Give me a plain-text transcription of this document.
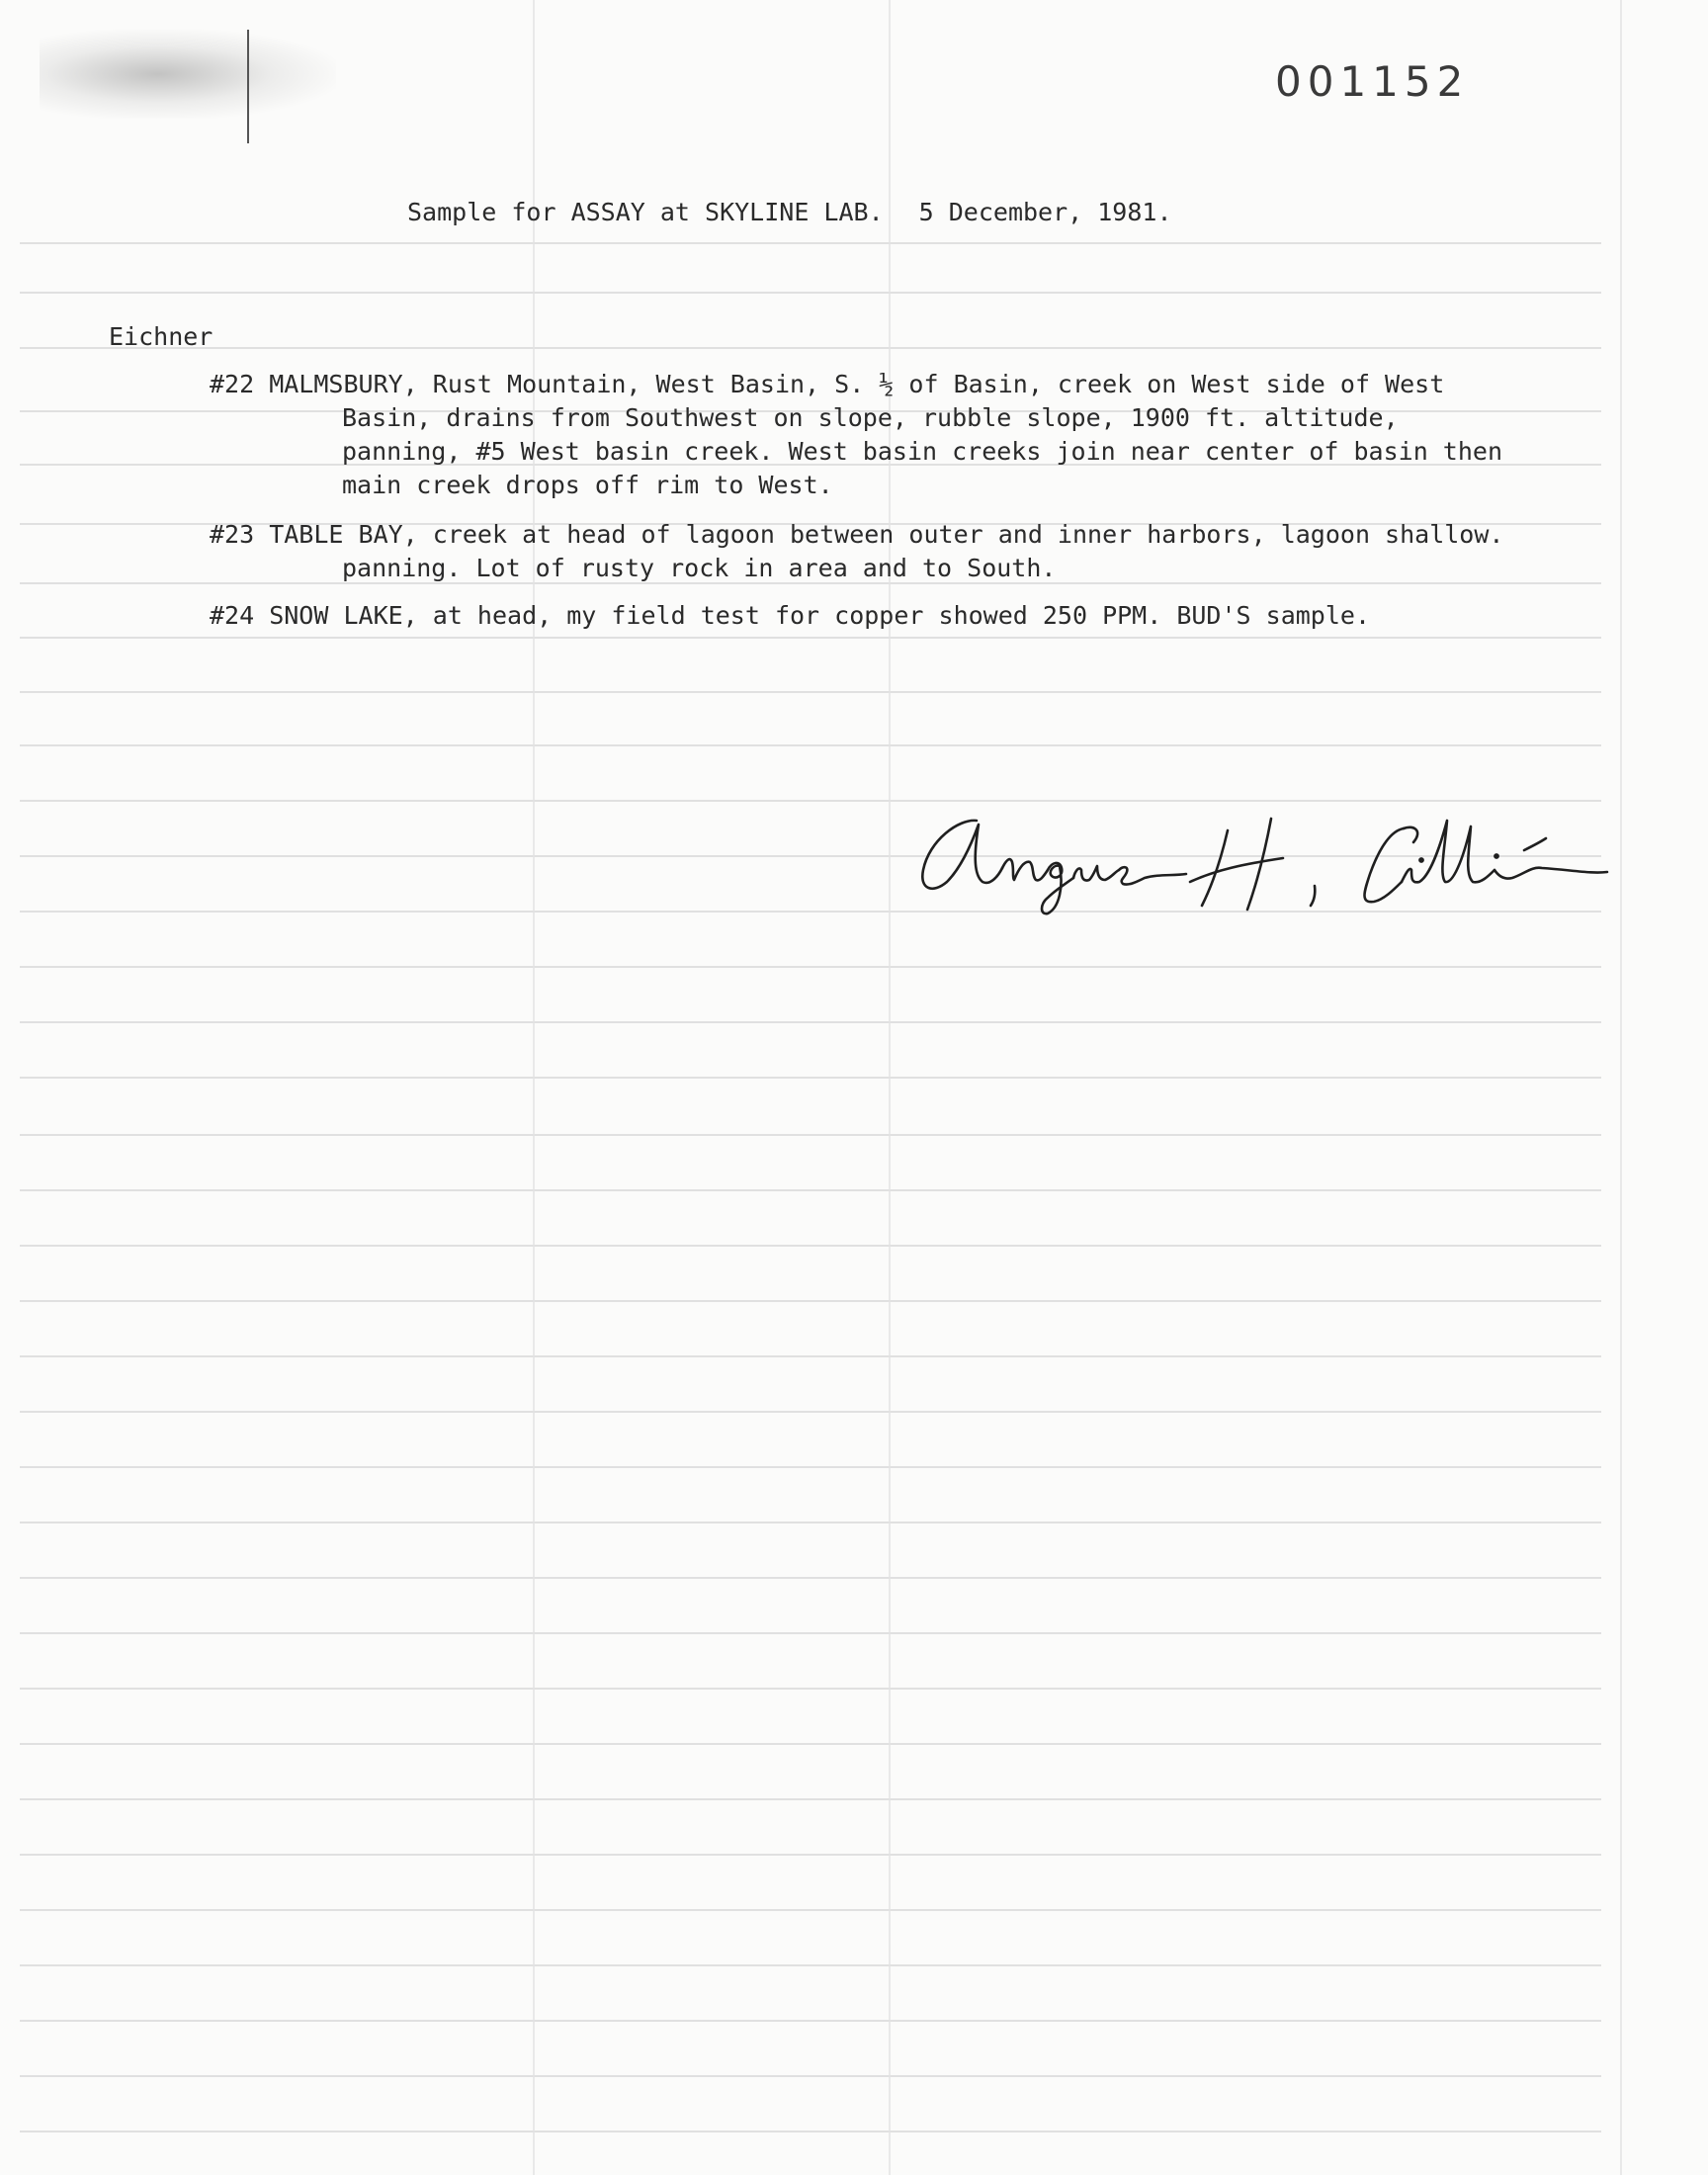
001152
Sample for ASSAY at SKYLINE LAB. 5 December, 1981.
Eichner
#22 MALMSBURY, Rust Mountain, West Basin, S. ½ of Basin, creek on West side of West
Basin, drains from Southwest on slope, rubble slope, 1900 ft. altitude,
panning, #5 West basin creek. West basin creeks join near center of basin then
main creek drops off rim to West.
#23 TABLE BAY, creek at head of lagoon between outer and inner harbors, lagoon shallow.
panning. Lot of rusty rock in area and to South.
#24 SNOW LAKE, at head, my field test for copper showed 250 PPM. BUD'S sample.
